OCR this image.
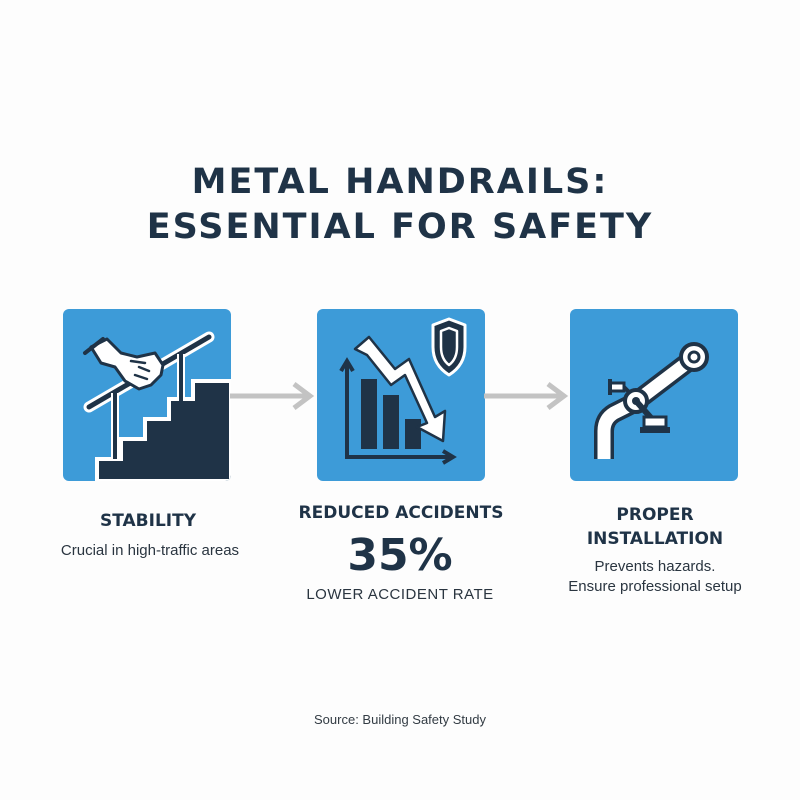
METAL HANDRAILS:
ESSENTIAL FOR SAFETY
STABILITY
Crucial in high-traffic areas
REDUCED ACCIDENTS
35%
LOWER ACCIDENT RATE
PROPER
INSTALLATION
Prevents hazards.
Ensure professional setup
Source: Building Safety Study
